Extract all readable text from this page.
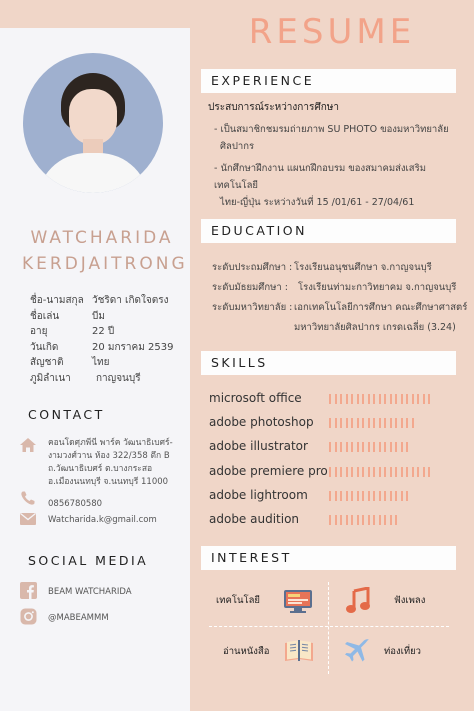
WATCHARIDA
KERDJAITRONG
ชื่อ-นามสกุล วัชริดา เกิดใจตรง
ชื่อเล่น	บีม
อายุ	22 ปี
วันเกิด	20 มกราคม 2539
สัญชาติ	ไทย
ภูมิลำเนา	กาญจนบุรี
CONTACT
คอนโดศุภพีนี พาร์ค วัฒนาธิเบศร์-
งามวงศ์วาน ห้อง 322/358 ตึก B
ถ.วัฒนาธิเบศร์ ต.บางกระสอ
อ.เมืองนนทบุรี จ.นนทบุรี 11000
0856780580
Watcharida.k@gmail.com
SOCIAL MEDIA
BEAM WATCHARIDA
@MABEAMMM
RESUME
EXPERIENCE
ประสบการณ์ระหว่างการศึกษา
- เป็นสมาชิกชมรมถ่ายภาพ SU PHOTO ของมหาวิทยาลัย
ศิลปากร
- นักศึกษาฝึกงาน แผนกฝึกอบรม ของสมาคมส่งเสริมเทคโนโลยี
ไทย-ญี่ปุ่น ระหว่างวันที่ 15 /01/61 - 27/04/61
EDUCATION
ระดับประถมศึกษา : โรงเรียนอนุชนศึกษา จ.กาญจนบุรี
ระดับมัธยมศึกษา :	โรงเรียนท่ามะกาวิทยาคม จ.กาญจนบุรี
ระดับมหาวิทยาลัย : เอกเทคโนโลยีการศึกษา คณะศึกษาศาสตร์
มหาวิทยาลัยศิลปากร เกรดเฉลี่ย (3.24)
SKILLS
microsoft office
adobe photoshop
adobe illustrator
adobe premiere pro
adobe lightroom
adobe audition
INTEREST
เทคโนโลยี	ฟังเพลง
อ่านหนังสือ	ท่องเที่ยว
